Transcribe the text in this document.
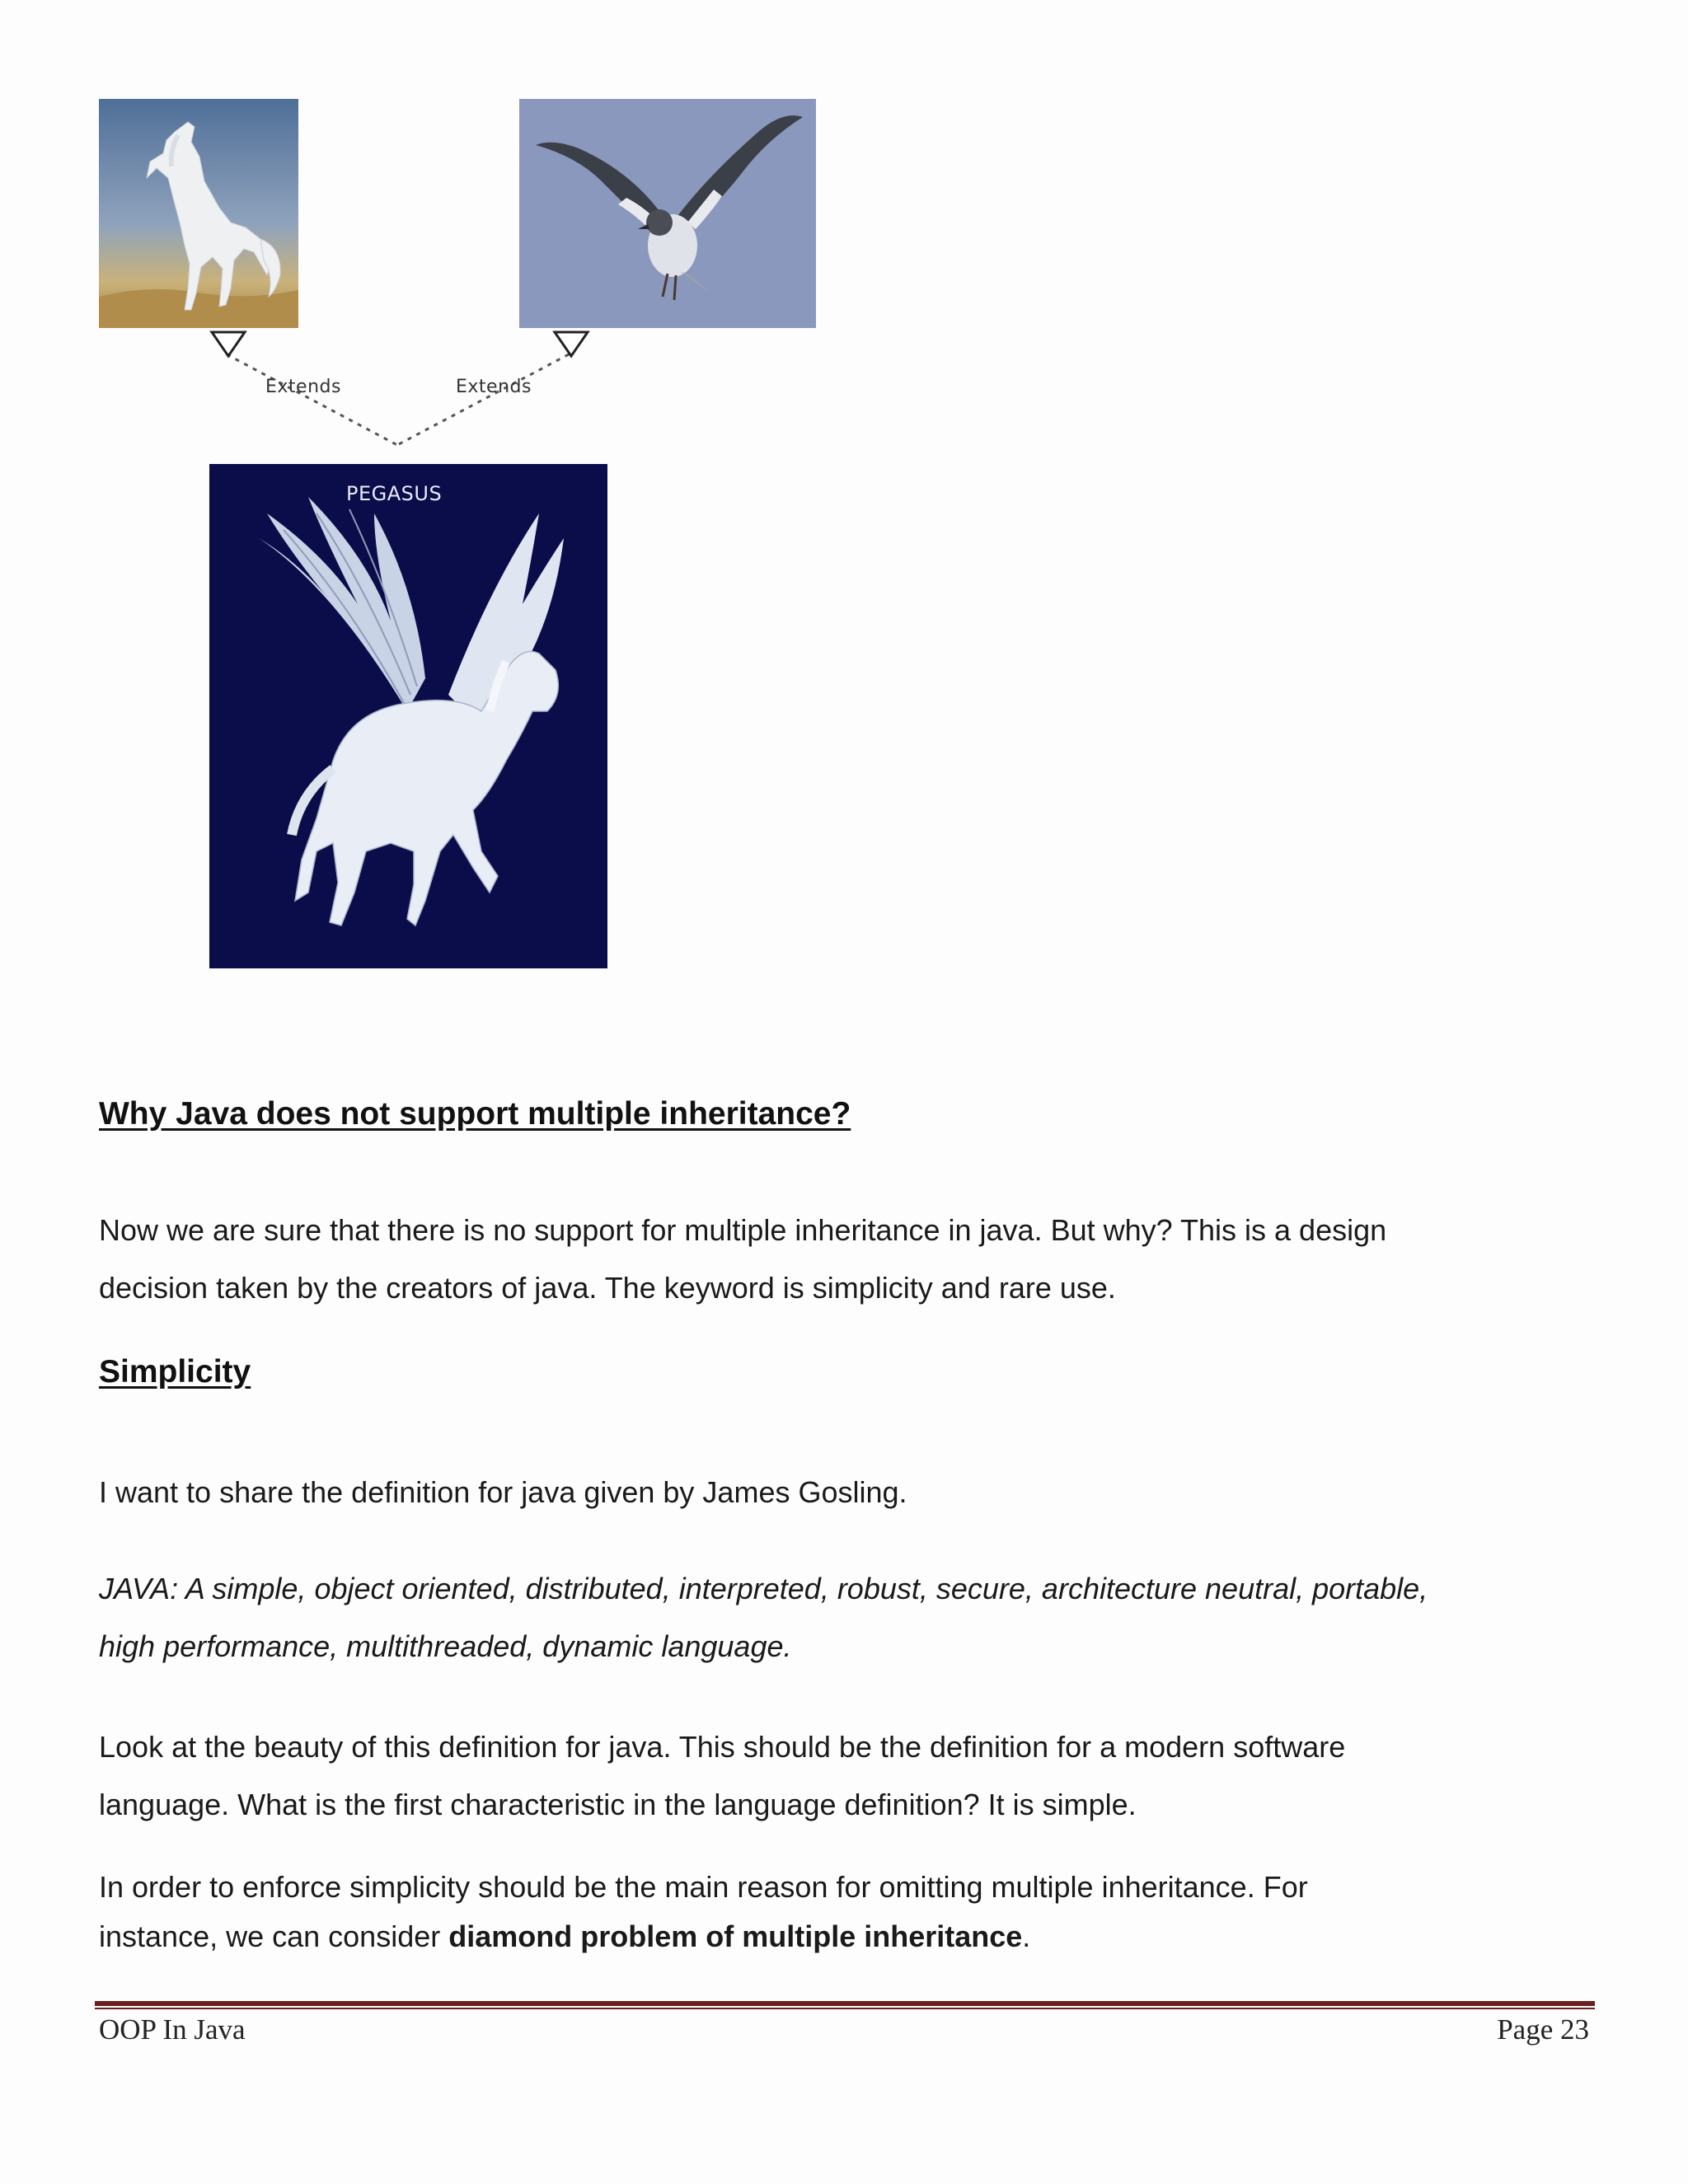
Extends	Extends
PEGASUS
Why Java does not support multiple inheritance?

Now we are sure that there is no support for multiple inheritance in java. But why? This is a design
decision taken by the creators of java. The keyword is simplicity and rare use.

Simplicity

I want to share the definition for java given by James Gosling.

JAVA: A simple, object oriented, distributed, interpreted, robust, secure, architecture neutral, portable,
high performance, multithreaded, dynamic language.

Look at the beauty of this definition for java. This should be the definition for a modern software
language. What is the first characteristic in the language definition? It is simple.

In order to enforce simplicity should be the main reason for omitting multiple inheritance. For
instance, we can consider diamond problem of multiple inheritance.

OOP In Java	Page 23
